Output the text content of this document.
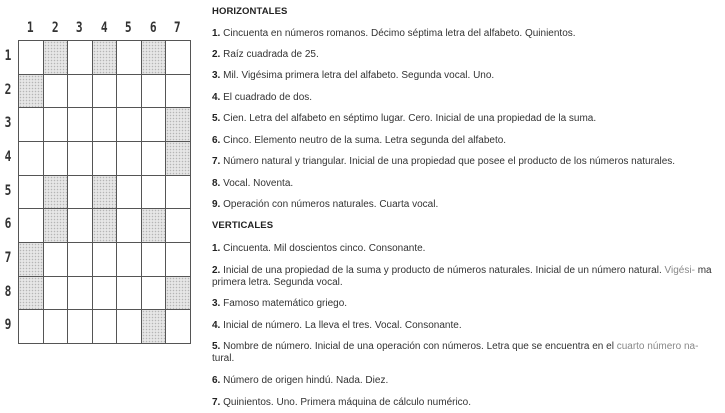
1	2	3	4	5	6	7
1
2
3
4
5
6
7
8
9
HORIZONTALES
1. Cincuenta en números romanos. Décimo séptima letra del alfabeto. Quinientos.
2. Raíz cuadrada de 25.
3. Mil. Vigésima primera letra del alfabeto. Segunda vocal. Uno.
4. El cuadrado de dos.
5. Cien. Letra del alfabeto en séptimo lugar. Cero. Inicial de una propiedad de la suma.
6. Cinco. Elemento neutro de la suma. Letra segunda del alfabeto.
7. Número natural y triangular. Inicial de una propiedad que posee el producto de los números naturales.
8. Vocal. Noventa.
9. Operación con números naturales. Cuarta vocal.
VERTICALES
1. Cincuenta. Mil doscientos cinco. Consonante.
2. Inicial de una propiedad de la suma y producto de números naturales. Inicial de un número natural. Vigési- ma primera letra. Segunda vocal.
3. Famoso matemático griego.
4. Inicial de número. La lleva el tres. Vocal. Consonante.
5. Nombre de número. Inicial de una operación con números. Letra que se encuentra en el cuarto número na- tural.
6. Número de origen hindú. Nada. Diez.
7. Quinientos. Uno. Primera máquina de cálculo numérico.
